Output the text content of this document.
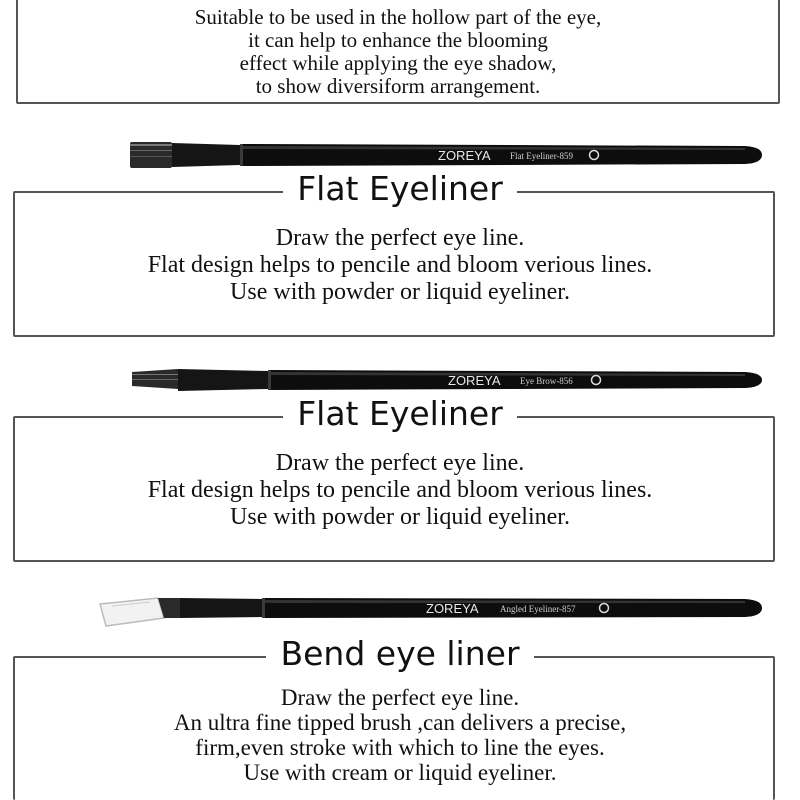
Suitable to be used in the hollow part of the eye,
it can help to enhance the blooming
effect while applying the eye shadow,
to show diversiform arrangement.
ZOREYA Flat Eyeliner-859
Flat Eyeliner
Draw the perfect eye line.
Flat design helps to pencile and bloom verious lines.
Use with powder or liquid eyeliner.
ZOREYA Eye Brow-856
Flat Eyeliner
Draw the perfect eye line.
Flat design helps to pencile and bloom verious lines.
Use with powder or liquid eyeliner.
ZOREYA Angled Eyeliner-857
Bend eye liner
Draw the perfect eye line.
An ultra fine tipped brush ,can delivers a precise,
firm,even stroke with which to line the eyes.
Use with cream or liquid eyeliner.
